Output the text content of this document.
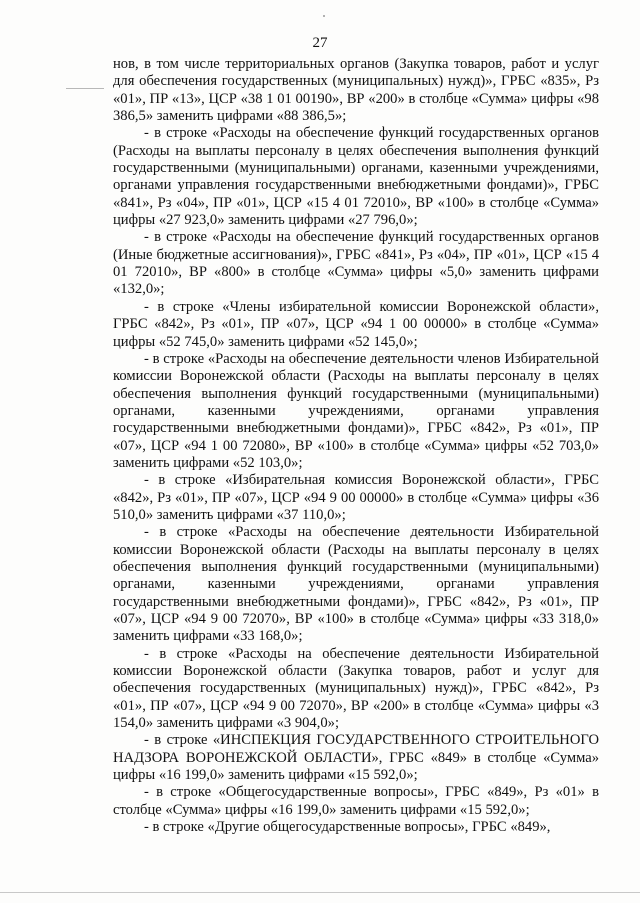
27

нов, в том числе территориальных органов (Закупка товаров, работ и услуг для обеспечения государственных (муниципальных) нужд)», ГРБС «835», Рз «01», ПР «13», ЦСР «38 1 01 00190», ВР «200» в столбце «Сумма» цифры «98 386,5» заменить цифрами «88 386,5»;

- в строке «Расходы на обеспечение функций государственных органов (Расходы на выплаты персоналу в целях обеспечения выполнения функций государственными (муниципальными) органами, казенными учреждениями, органами управления государственными внебюджетными фондами)», ГРБС «841», Рз «04», ПР «01», ЦСР «15 4 01 72010», ВР «100» в столбце «Сумма» цифры «27 923,0» заменить цифрами «27 796,0»;

- в строке «Расходы на обеспечение функций государственных органов (Иные бюджетные ассигнования)», ГРБС «841», Рз «04», ПР «01», ЦСР «15 4 01 72010», ВР «800» в столбце «Сумма» цифры «5,0» заменить цифрами «132,0»;

- в строке «Члены избирательной комиссии Воронежской области», ГРБС «842», Рз «01», ПР «07», ЦСР «94 1 00 00000» в столбце «Сумма» цифры «52 745,0» заменить цифрами «52 145,0»;

- в строке «Расходы на обеспечение деятельности членов Избирательной комиссии Воронежской области (Расходы на выплаты персоналу в целях обеспечения выполнения функций государственными (муниципальными) органами, казенными учреждениями, органами управления государственными внебюджетными фондами)», ГРБС «842», Рз «01», ПР «07», ЦСР «94 1 00 72080», ВР «100» в столбце «Сумма» цифры «52 703,0» заменить цифрами «52 103,0»;

- в строке «Избирательная комиссия Воронежской области», ГРБС «842», Рз «01», ПР «07», ЦСР «94 9 00 00000» в столбце «Сумма» цифры «36 510,0» заменить цифрами «37 110,0»;

- в строке «Расходы на обеспечение деятельности Избирательной комиссии Воронежской области (Расходы на выплаты персоналу в целях обеспечения выполнения функций государственными (муниципальными) органами, казенными учреждениями, органами управления государственными внебюджетными фондами)», ГРБС «842», Рз «01», ПР «07», ЦСР «94 9 00 72070», ВР «100» в столбце «Сумма» цифры «33 318,0» заменить цифрами «33 168,0»;

- в строке «Расходы на обеспечение деятельности Избирательной комиссии Воронежской области (Закупка товаров, работ и услуг для обеспечения государственных (муниципальных) нужд)», ГРБС «842», Рз «01», ПР «07», ЦСР «94 9 00 72070», ВР «200» в столбце «Сумма» цифры «3 154,0» заменить цифрами «3 904,0»;

- в строке «ИНСПЕКЦИЯ ГОСУДАРСТВЕННОГО СТРОИТЕЛЬНОГО НАДЗОРА ВОРОНЕЖСКОЙ ОБЛАСТИ», ГРБС «849» в столбце «Сумма» цифры «16 199,0» заменить цифрами «15 592,0»;

- в строке «Общегосударственные вопросы», ГРБС «849», Рз «01» в столбце «Сумма» цифры «16 199,0» заменить цифрами «15 592,0»;

- в строке «Другие общегосударственные вопросы», ГРБС «849»,
